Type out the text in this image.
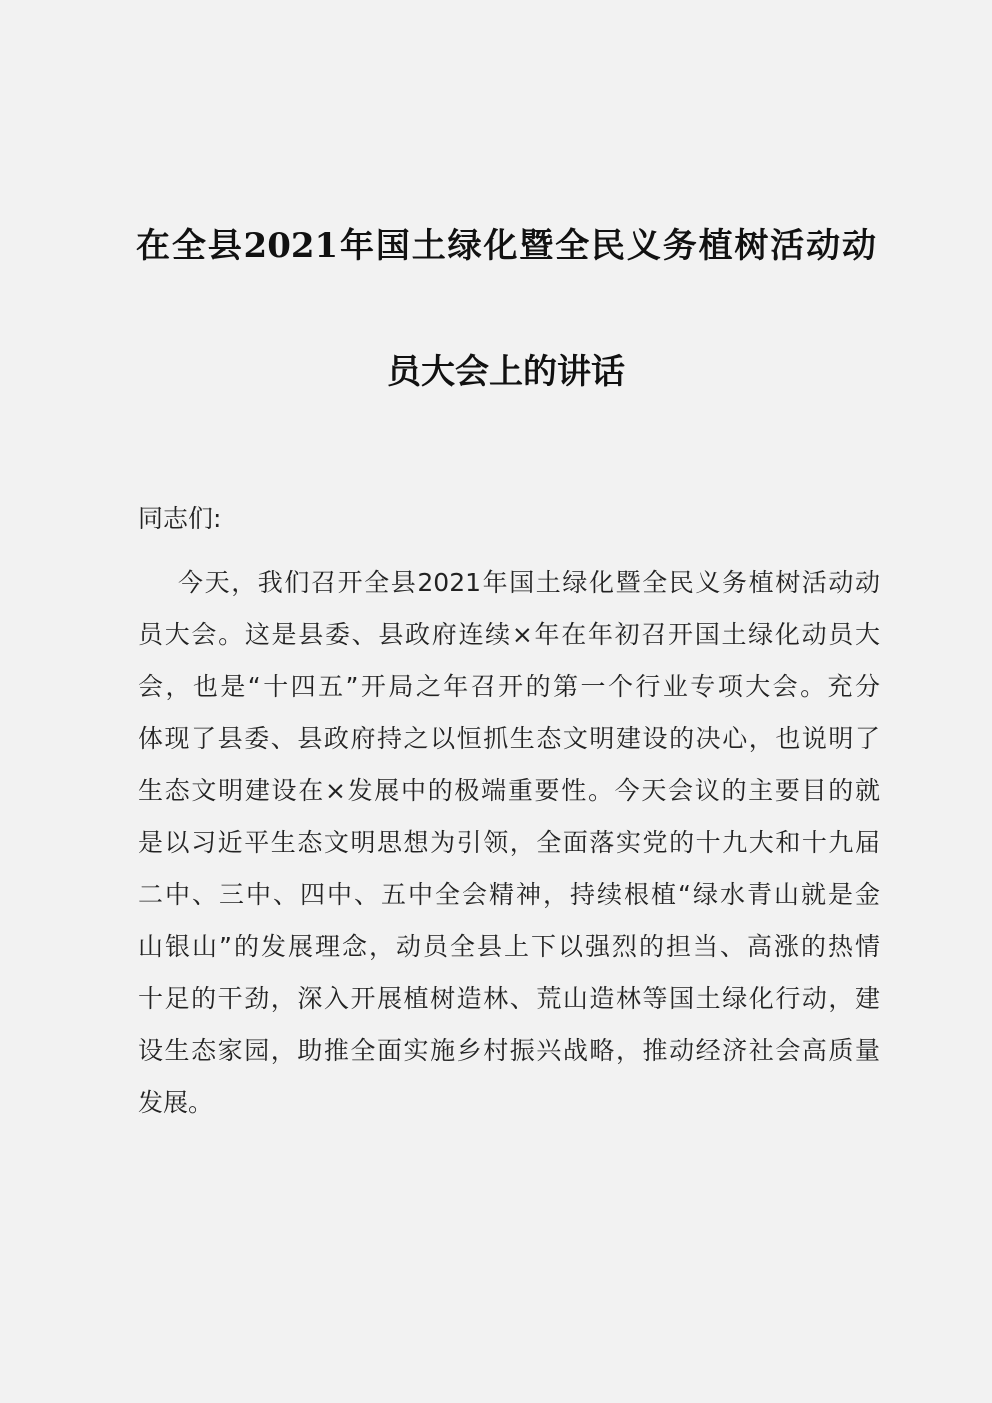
在全县2021年国土绿化暨全民义务植树活动动
员大会上的讲话
同志们:
今天，我们召开全县2021年国土绿化暨全民义务植树活动动
员大会。这是县委、县政府连续×年在年初召开国土绿化动员大
会，也是“十四五”开局之年召开的第一个行业专项大会。充分
体现了县委、县政府持之以恒抓生态文明建设的决心，也说明了
生态文明建设在×发展中的极端重要性。今天会议的主要目的就
是以习近平生态文明思想为引领，全面落实党的十九大和十九届
二中、三中、四中、五中全会精神，持续根植“绿水青山就是金
山银山”的发展理念，动员全县上下以强烈的担当、高涨的热情
十足的干劲，深入开展植树造林、荒山造林等国土绿化行动，建
设生态家园，助推全面实施乡村振兴战略，推动经济社会高质量
发展。
